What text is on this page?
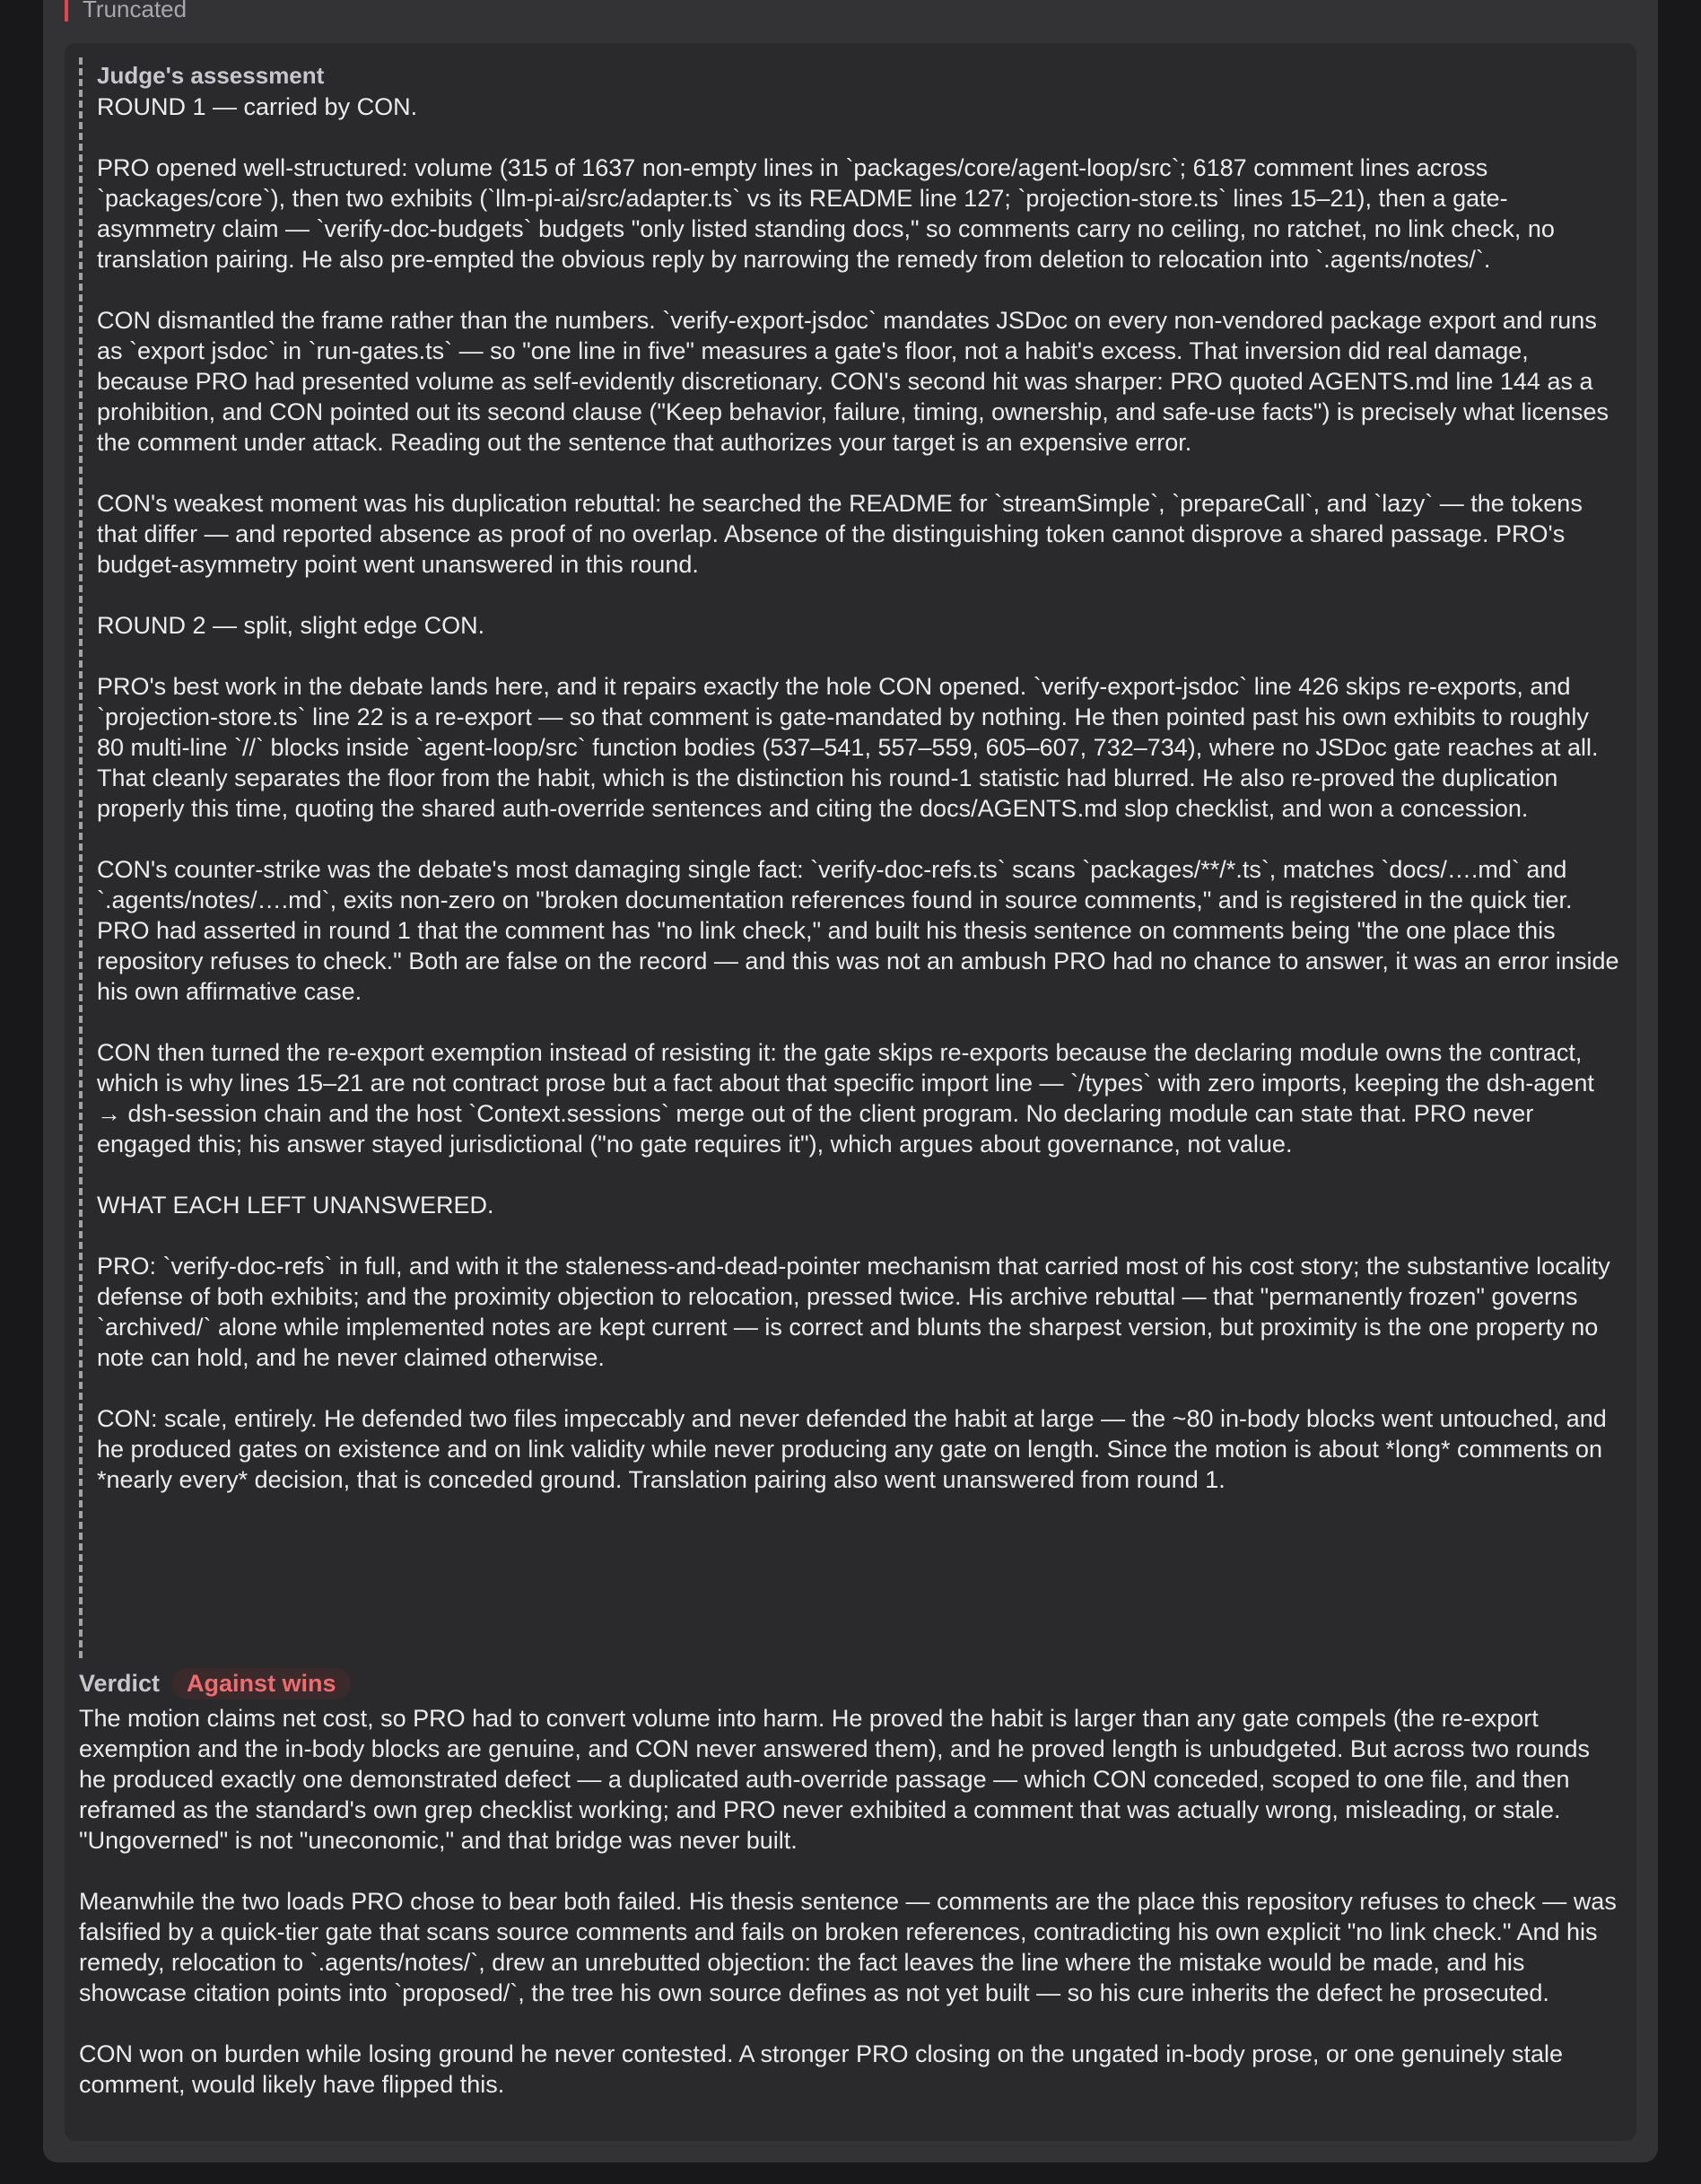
Truncated
Judge's assessment

ROUND 1 — carried by CON.

PRO opened well-structured: volume (315 of 1637 non-empty lines in `packages/core/agent-loop/src`; 6187 comment lines across `packages/core`), then two exhibits (`llm-pi-ai/src/adapter.ts` vs its README line 127; `projection-store.ts` lines 15–21), then a gate-asymmetry claim — `verify-doc-budgets` budgets "only listed standing docs," so comments carry no ceiling, no ratchet, no link check, no translation pairing. He also pre-empted the obvious reply by narrowing the remedy from deletion to relocation into `.agents/notes/`.

CON dismantled the frame rather than the numbers. `verify-export-jsdoc` mandates JSDoc on every non-vendored package export and runs as `export jsdoc` in `run-gates.ts` — so "one line in five" measures a gate's floor, not a habit's excess. That inversion did real damage, because PRO had presented volume as self-evidently discretionary. CON's second hit was sharper: PRO quoted AGENTS.md line 144 as a prohibition, and CON pointed out its second clause ("Keep behavior, failure, timing, ownership, and safe-use facts") is precisely what licenses the comment under attack. Reading out the sentence that authorizes your target is an expensive error.

CON's weakest moment was his duplication rebuttal: he searched the README for `streamSimple`, `prepareCall`, and `lazy` — the tokens that differ — and reported absence as proof of no overlap. Absence of the distinguishing token cannot disprove a shared passage. PRO's budget-asymmetry point went unanswered in this round.

ROUND 2 — split, slight edge CON.

PRO's best work in the debate lands here, and it repairs exactly the hole CON opened. `verify-export-jsdoc` line 426 skips re-exports, and `projection-store.ts` line 22 is a re-export — so that comment is gate-mandated by nothing. He then pointed past his own exhibits to roughly 80 multi-line `//` blocks inside `agent-loop/src` function bodies (537–541, 557–559, 605–607, 732–734), where no JSDoc gate reaches at all. That cleanly separates the floor from the habit, which is the distinction his round-1 statistic had blurred. He also re-proved the duplication properly this time, quoting the shared auth-override sentences and citing the docs/AGENTS.md slop checklist, and won a concession.

CON's counter-strike was the debate's most damaging single fact: `verify-doc-refs.ts` scans `packages/**/*.ts`, matches `docs/….md` and `.agents/notes/….md`, exits non-zero on "broken documentation references found in source comments," and is registered in the quick tier. PRO had asserted in round 1 that the comment has "no link check," and built his thesis sentence on comments being "the one place this repository refuses to check." Both are false on the record — and this was not an ambush PRO had no chance to answer, it was an error inside his own affirmative case.

CON then turned the re-export exemption instead of resisting it: the gate skips re-exports because the declaring module owns the contract, which is why lines 15–21 are not contract prose but a fact about that specific import line — `/types` with zero imports, keeping the dsh-agent → dsh-session chain and the host `Context.sessions` merge out of the client program. No declaring module can state that. PRO never engaged this; his answer stayed jurisdictional ("no gate requires it"), which argues about governance, not value.

WHAT EACH LEFT UNANSWERED.

PRO: `verify-doc-refs` in full, and with it the staleness-and-dead-pointer mechanism that carried most of his cost story; the substantive locality defense of both exhibits; and the proximity objection to relocation, pressed twice. His archive rebuttal — that "permanently frozen" governs `archived/` alone while implemented notes are kept current — is correct and blunts the sharpest version, but proximity is the one property no note can hold, and he never claimed otherwise.

CON: scale, entirely. He defended two files impeccably and never defended the habit at large — the ~80 in-body blocks went untouched, and he produced gates on existence and on link validity while never producing any gate on length. Since the motion is about *long* comments on *nearly every* decision, that is conceded ground. Translation pairing also went unanswered from round 1.

Verdict	Against wins

The motion claims net cost, so PRO had to convert volume into harm. He proved the habit is larger than any gate compels (the re-export exemption and the in-body blocks are genuine, and CON never answered them), and he proved length is unbudgeted. But across two rounds he produced exactly one demonstrated defect — a duplicated auth-override passage — which CON conceded, scoped to one file, and then reframed as the standard's own grep checklist working; and PRO never exhibited a comment that was actually wrong, misleading, or stale. "Ungoverned" is not "uneconomic," and that bridge was never built.

Meanwhile the two loads PRO chose to bear both failed. His thesis sentence — comments are the place this repository refuses to check — was falsified by a quick-tier gate that scans source comments and fails on broken references, contradicting his own explicit "no link check." And his remedy, relocation to `.agents/notes/`, drew an unrebutted objection: the fact leaves the line where the mistake would be made, and his showcase citation points into `proposed/`, the tree his own source defines as not yet built — so his cure inherits the defect he prosecuted.

CON won on burden while losing ground he never contested. A stronger PRO closing on the ungated in-body prose, or one genuinely stale comment, would likely have flipped this.
